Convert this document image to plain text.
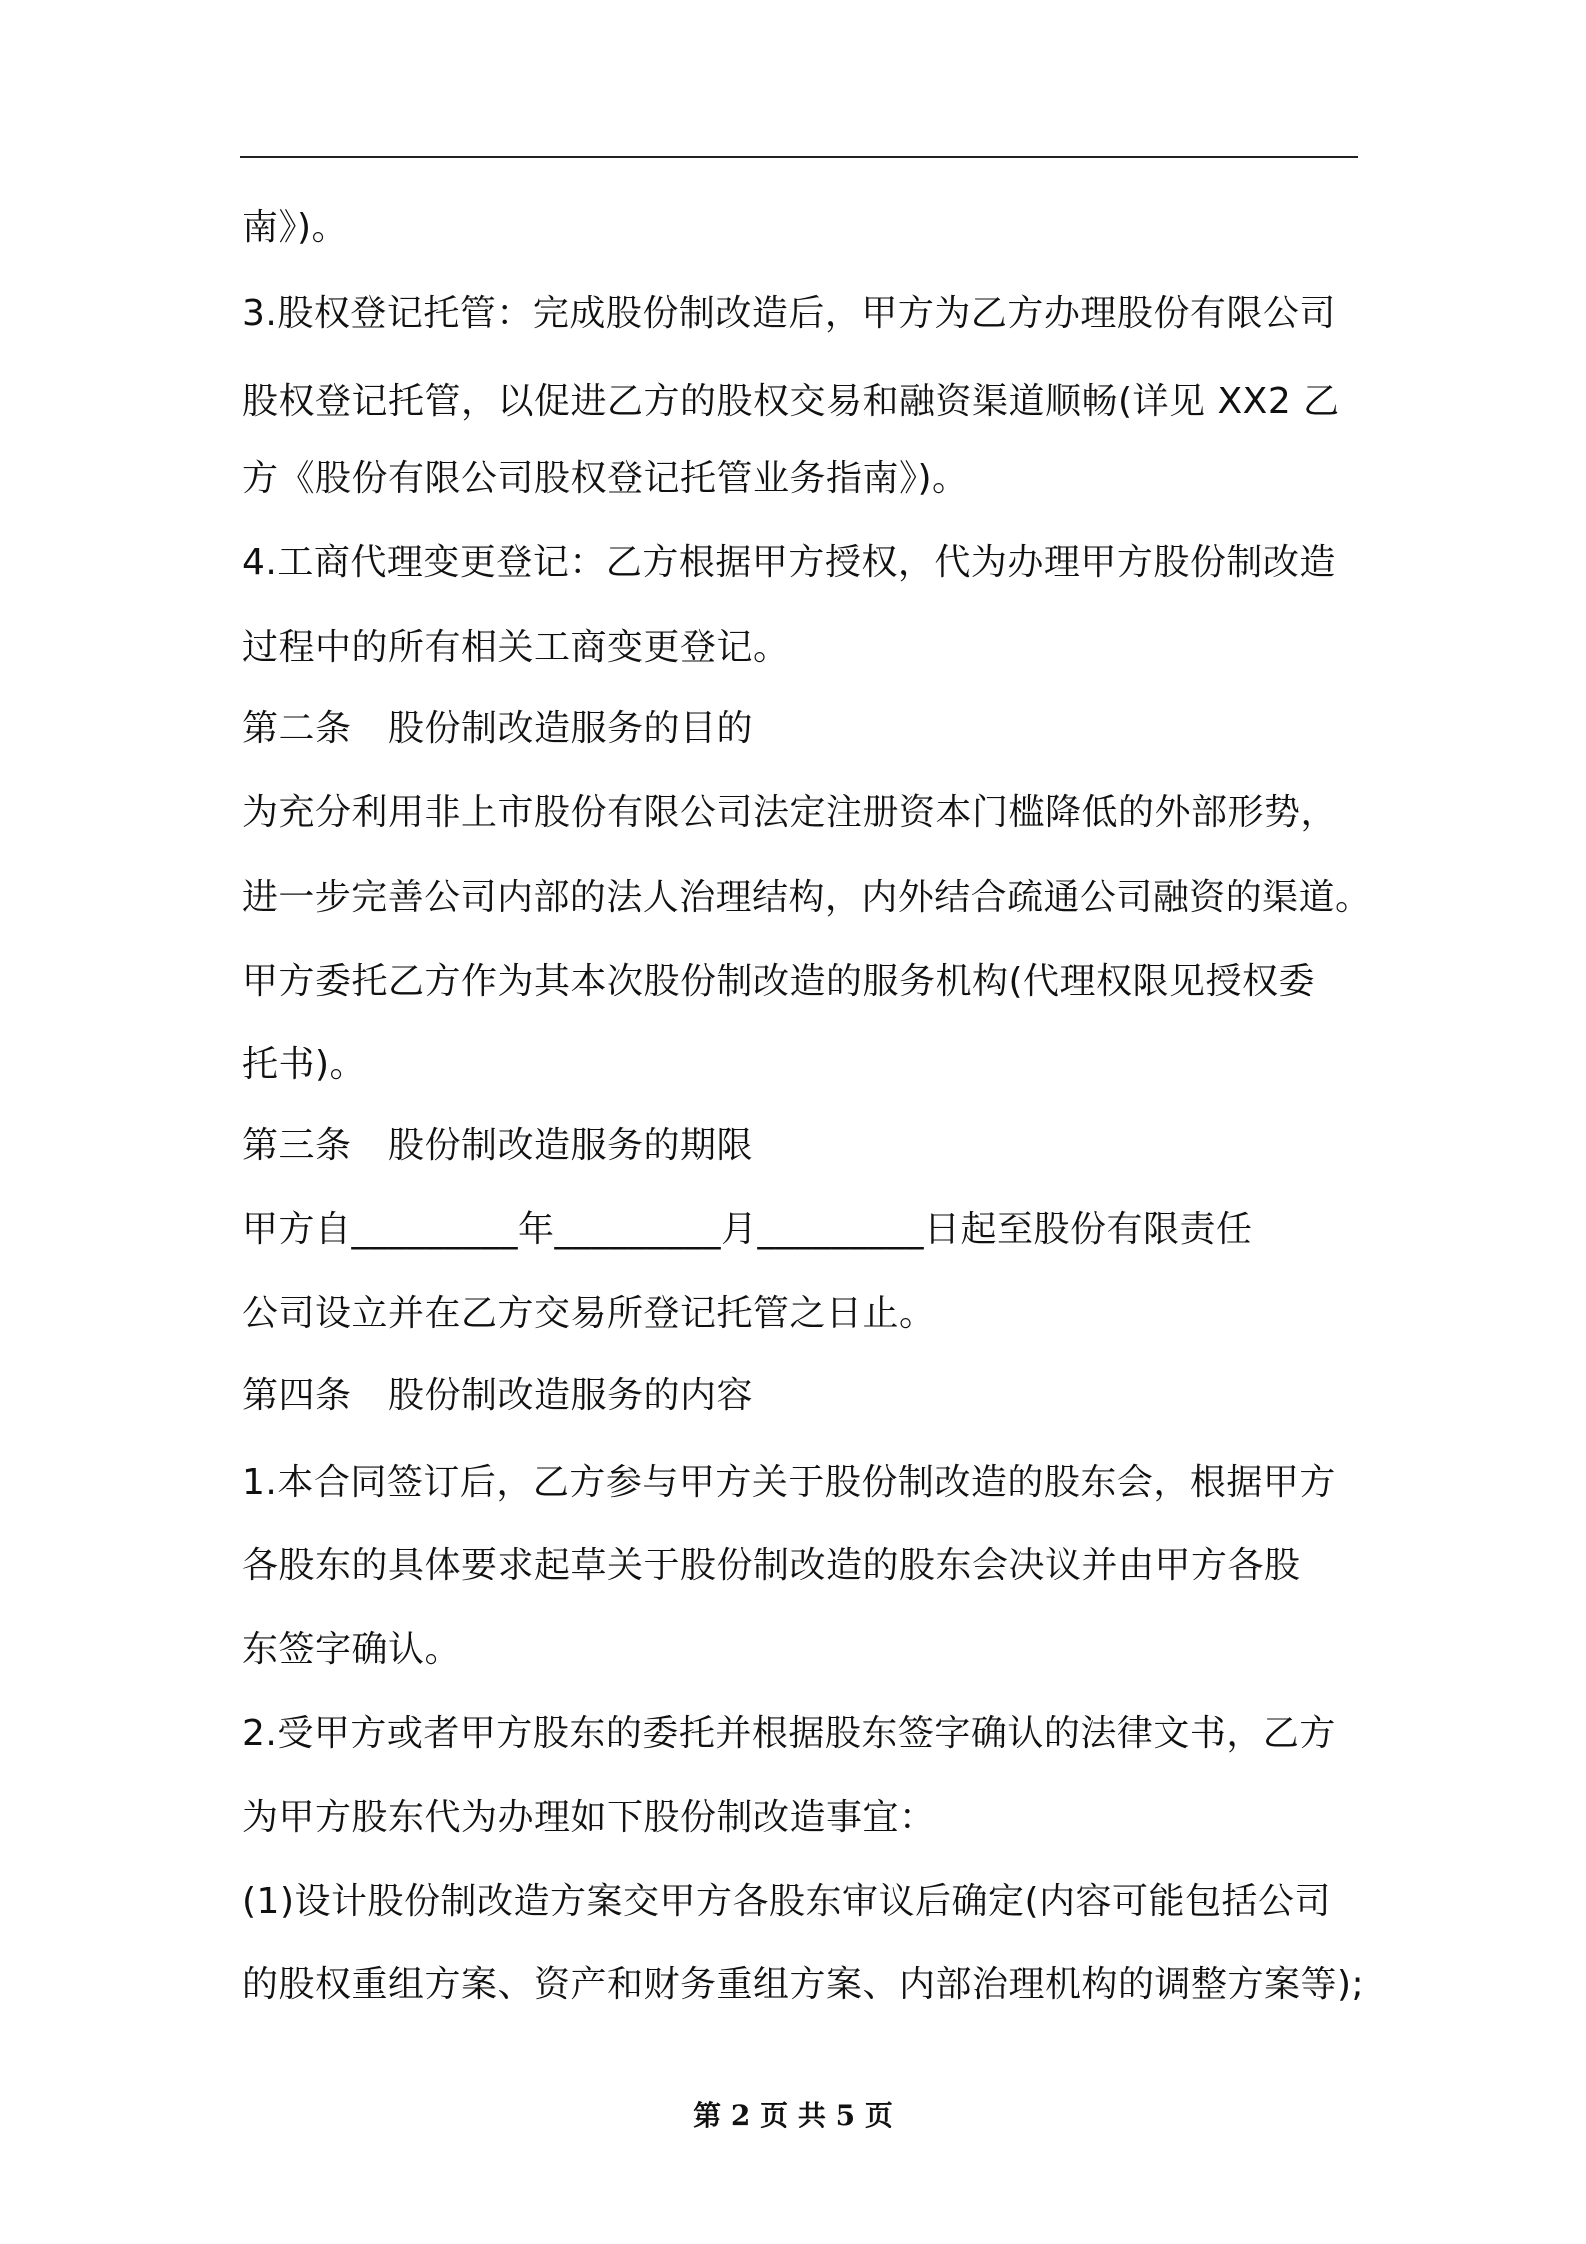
南》)。
3.股权登记托管：完成股份制改造后，甲方为乙方办理股份有限公司
股权登记托管，以促进乙方的股权交易和融资渠道顺畅(详见 XX2 乙
方《股份有限公司股权登记托管业务指南》)。
4.工商代理变更登记：乙方根据甲方授权，代为办理甲方股份制改造
过程中的所有相关工商变更登记。
第二条　股份制改造服务的目的
为充分利用非上市股份有限公司法定注册资本门槛降低的外部形势，
进一步完善公司内部的法人治理结构，内外结合疏通公司融资的渠道。
甲方委托乙方作为其本次股份制改造的服务机构(代理权限见授权委
托书)。
第三条　股份制改造服务的期限
甲方自_________年_________月_________日起至股份有限责任
公司设立并在乙方交易所登记托管之日止。
第四条　股份制改造服务的内容
1.本合同签订后，乙方参与甲方关于股份制改造的股东会，根据甲方
各股东的具体要求起草关于股份制改造的股东会决议并由甲方各股
东签字确认。
2.受甲方或者甲方股东的委托并根据股东签字确认的法律文书，乙方
为甲方股东代为办理如下股份制改造事宜：
(1)设计股份制改造方案交甲方各股东审议后确定(内容可能包括公司
的股权重组方案、资产和财务重组方案、内部治理机构的调整方案等);
第 2 页 共 5 页
